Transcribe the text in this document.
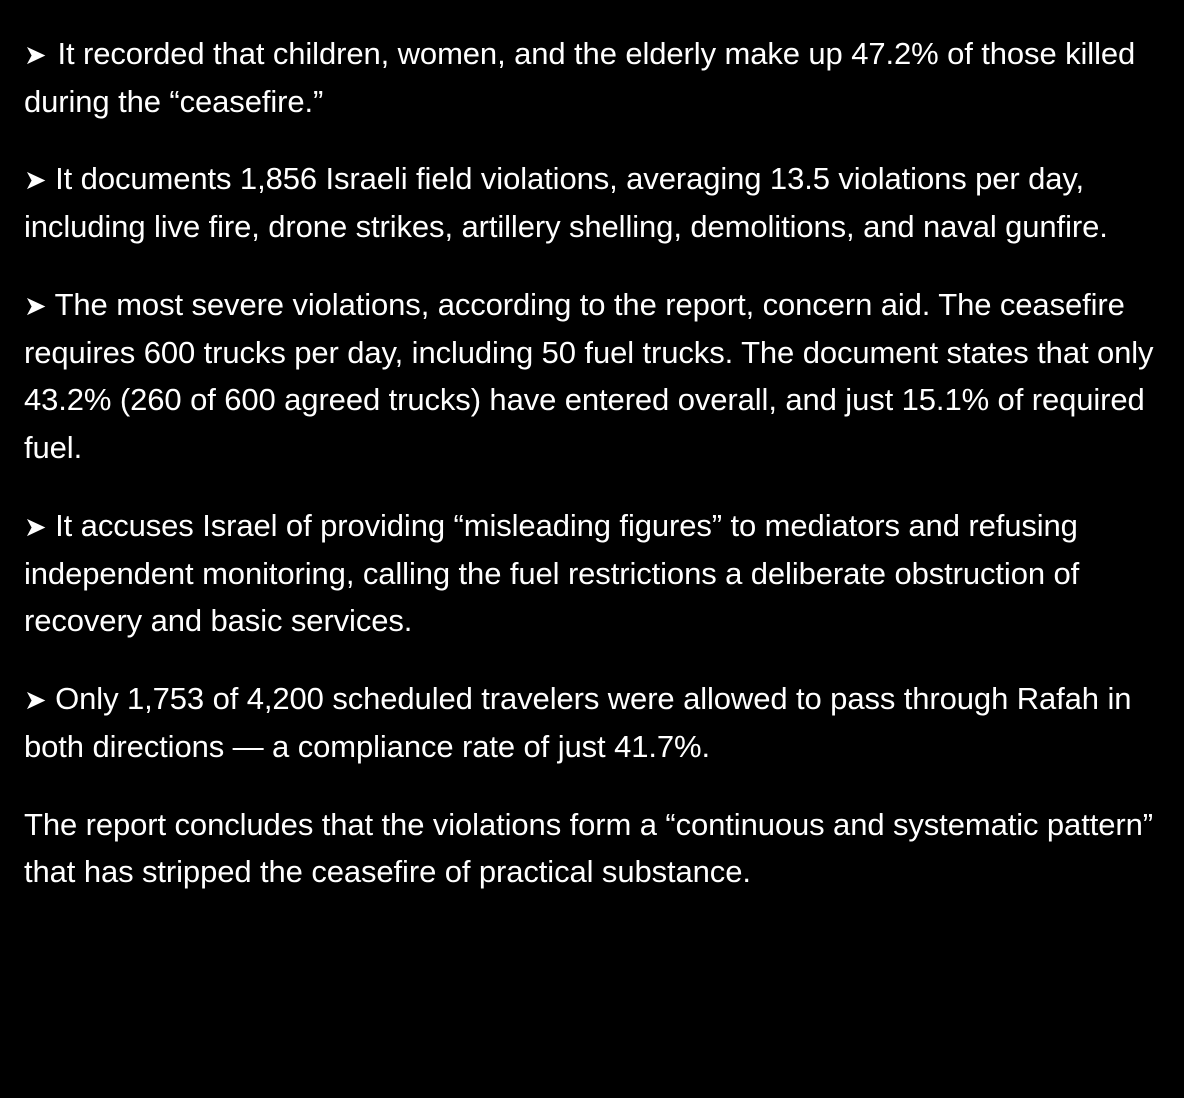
➤It recorded that children, women, and the elderly make up 47.2% of those killed during the “ceasefire.”

➤ It documents 1,856 Israeli field violations, averaging 13.5 violations per day, including live fire, drone strikes, artillery shelling, demolitions, and naval gunfire.

➤ The most severe violations, according to the report, concern aid. The ceasefire requires 600 trucks per day, including 50 fuel trucks. The document states that only 43.2% (260 of 600 agreed trucks) have entered overall, and just 15.1% of required fuel.

➤ It accuses Israel of providing “misleading figures” to mediators and refusing independent monitoring, calling the fuel restrictions a deliberate obstruction of recovery and basic services.

➤ Only 1,753 of 4,200 scheduled travelers were allowed to pass through Rafah in both directions — a compliance rate of just 41.7%.

The report concludes that the violations form a “continuous and systematic pattern” that has stripped the ceasefire of practical substance.
